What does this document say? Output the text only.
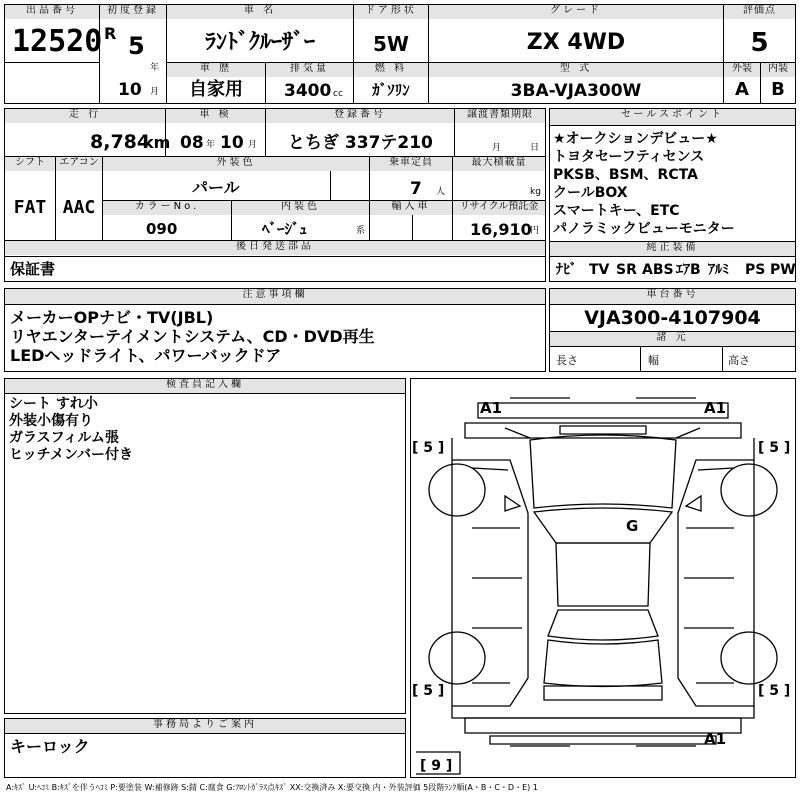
出品番号
12520
初度登録
R 5
年
10 月
車 名
ﾗﾝﾄﾞｸﾙｰｻﾞｰ
ドア形状
5W
グレード
ZX 4WD
評価点
5
外装	内装
A	B
車 歴
自家用
排気量
3400 cc
燃 料
ｶﾞｿﾘﾝ
型 式
3BA-VJA300W
走 行
8,784
km
車 検
08 年 10 月
登録番号
とちぎ 337テ210
譲渡書類期限
月	日
シフト
FAT
エアコン
AAC
外装色
パール
乗車定員
7 人
最大積載量
kg
カラーNo.
090
内装色
ﾍﾞｰｼﾞｭ	系
輸入車	リサイクル預託金
16,910
円
後日発送部品
保証書
セールスポイント
★オークションデビュー★
トヨタセーフティセンス
PKSB、BSM、RCTA
クールBOX
スマートキー、ETC
パノラミックビューモニター
純正装備
ﾅﾋﾞ TV SR ABS ｴｱB ｱﾙﾐ PS PW
注意事項欄
メーカーOPナビ・TV(JBL)
リヤエンターテイメントシステム、CD・DVD再生
LEDヘッドライト、パワーバックドア
車台番号
VJA300-4107904
諸 元
長さ	幅	高さ
検査員記入欄
シート すれ小
外装小傷有り
ガラスフィルム張
ヒッチメンバー付き
事務局よりご案内
キーロック
A1	A1
G
A1
[ 5 ]	[ 5 ]
[ 5 ]	[ 5 ]
[ 9 ]
A:ｷｽﾞ U:ﾍｺﾐ B:ｷｽﾞを伴うﾍｺﾐ P:要塗装 W:補修跡 S:錆 C:腐食 G:ﾌﾛﾝﾄｶﾞﾗｽ点ｷｽﾞ XX:交換済み X:要交換 内・外装評価 5段階ﾗﾝｸ順(A・B・C・D・E) 1
